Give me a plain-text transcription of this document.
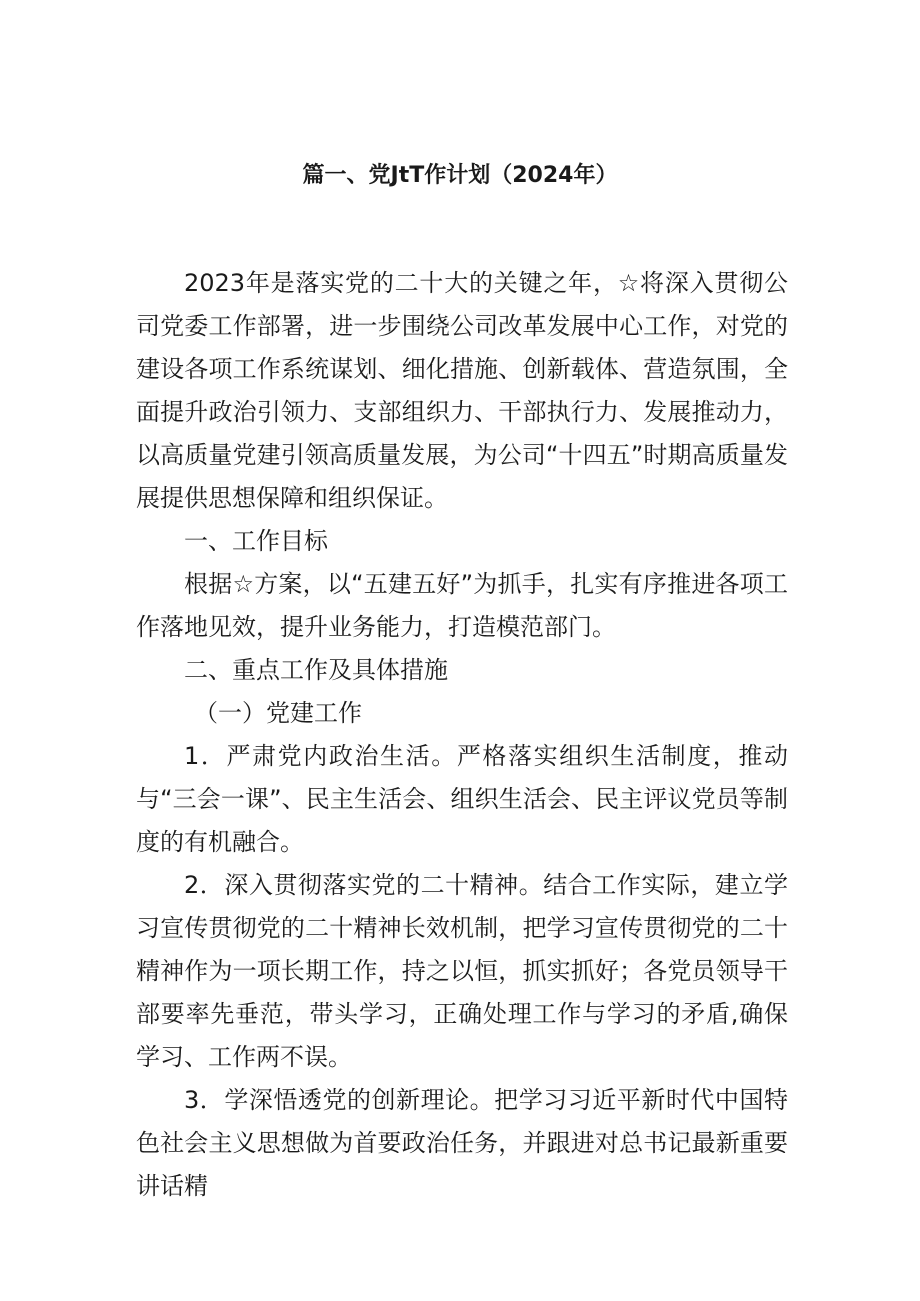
篇一、党JtT作计划（2024年）

2023年是落实党的二十大的关键之年，☆将深入贯彻公司党委工作部署，进一步围绕公司改革发展中心工作，对党的建设各项工作系统谋划、细化措施、创新载体、营造氛围，全面提升政治引领力、支部组织力、干部执行力、发展推动力，以高质量党建引领高质量发展，为公司“十四五”时期高质量发展提供思想保障和组织保证。

一、工作目标

根据☆方案，以“五建五好”为抓手，扎实有序推进各项工作落地见效，提升业务能力，打造模范部门。

二、重点工作及具体措施

（一）党建工作

1．严肃党内政治生活。严格落实组织生活制度，推动与“三会一课”、民主生活会、组织生活会、民主评议党员等制度的有机融合。

2．深入贯彻落实党的二十精神。结合工作实际，建立学习宣传贯彻党的二十精神长效机制，把学习宣传贯彻党的二十精神作为一项长期工作，持之以恒，抓实抓好；各党员领导干部要率先垂范，带头学习，正确处理工作与学习的矛盾,确保学习、工作两不误。

3．学深悟透党的创新理论。把学习习近平新时代中国特色社会主义思想做为首要政治任务，并跟进对总书记最新重要讲话精
